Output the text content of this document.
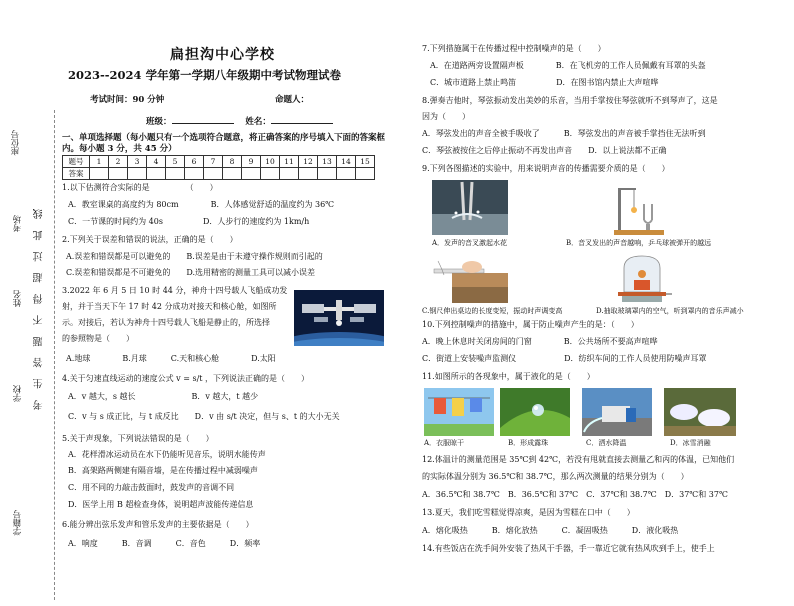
座位号
考场
姓名
学校
学籍号
考 生 答 题 不 得 超 过 此 线
扁担沟中心学校
2023--2024 学年第一学期八年级期中考试物理试卷
考试时间：90 分钟	命题人：
班级：	姓名：
一、单项选择题（每小题只有一个选项符合题意，将正确答案的序号填入下面的答案框内。每小题 3 分，共 45 分）
题号	1	2	3	4	5	6	7	8	9	10	11	12	13	14	15
答案															
1.以下估测符合实际的是　　　　　（　　）
A．教室课桌的高度约为 80cm　　　　B．人体感觉舒适的温度约为 36℃
C．一节课的时间约为 40s　　　　　D．人步行的速度约为 1km/h
2.下列关于误差和错误的说法，正确的是（　　）
A.误差和错误都是可以避免的　　B.误差是由于未遵守操作规则而引起的
C.误差和错误都是不可避免的　　D.选用精密的测量工具可以减小误差
3.2022 年 6 月 5 日 10 时 44 分，神舟十四号载人飞船成功发
射，并于当天下午 17 时 42 分成功对接天和核心舱，如图所
示。对接后，若认为神舟十四号载人飞船是静止的，所选择
的参照物是（　　）
A.地球　　　　B.月球　　　C.天和核心舱　　　　D.太阳
4.关于匀速直线运动的速度公式 v = s/t ，下列说法正确的是（　　）
A．v 越大，s 越长　　　　　　　B．v 越大，t 越少
C．v 与 s 成正比，与 t 成反比　　D．v 由 s/t 决定，但与 s、t 的大小无关
5.关于声现象，下列说法错误的是（　　）
A．花样滑冰运动员在水下仍能听见音乐，说明水能传声
B．高架路两侧建有隔音墙，是在传播过程中减弱噪声
C．用不同的力敲击鼓面时，鼓发声的音调不同
D．医学上用 B 超检查身体，说明超声波能传递信息
6.能分辨出弦乐发声和管乐发声的主要依据是（　　）
A．响度　　　B．音调　　　C．音色　　　D．频率
7.下列措施属于在传播过程中控制噪声的是（　　）
A．在道路两旁设置隔声板　　　　B．在飞机旁的工作人员佩戴有耳罩的头盔
C．城市道路上禁止鸣笛　　　　　D．在图书馆内禁止大声喧哗
8.弹奏吉他时，琴弦振动发出美妙的乐音，当用手掌按住琴弦就听不到琴声了，这是
因为（　　）
A．琴弦发出的声音全被手吸收了　　　B．琴弦发出的声音被手掌挡住无法听到
C．琴弦被按住之后停止振动不再发出声音　　D．以上说法都不正确
9.下列各图描述的实验中，用来说明声音的传播需要介质的是（　　）
A．发声的音叉激起水花	B．音叉发出的声音越响，乒乓球被弹开的越远
C.钢尺伸出桌边的长度变短，振动时声调变高	D.抽取玻璃罩内的空气，听到罩内的音乐声减小
10.下列控制噪声的措施中，属于防止噪声产生的是：（　　）
A．晚上休息时关闭房间的门窗　　　　B．公共场所不要高声喧哗
C．街道上安装噪声监测仪　　　　　　D．纺织车间的工作人员使用防噪声耳罩
11.如图所示的各现象中，属于液化的是（　　）
A．衣服晾干	B．形成露珠	C．洒水降温	D．冰雪消融
12.体温计的测量范围是 35℃到 42℃，若没有甩就直接去测量乙和丙的体温，已知他们
的实际体温分别为 36.5℃和 38.7℃，那么两次测量的结果分别为（　　）
A．36.5℃和 38.7℃　B．36.5℃和 37℃　C．37℃和 38.7℃　D．37℃和 37℃
13.夏天，我们吃雪糕觉得凉爽，是因为雪糕在口中（　　）
A．熔化吸热　　　B．熔化放热　　　C．凝固吸热　　　D．液化吸热
14.有些饭店在洗手间外安装了热风干手器，手一靠近它就有热风吹到手上，使手上
